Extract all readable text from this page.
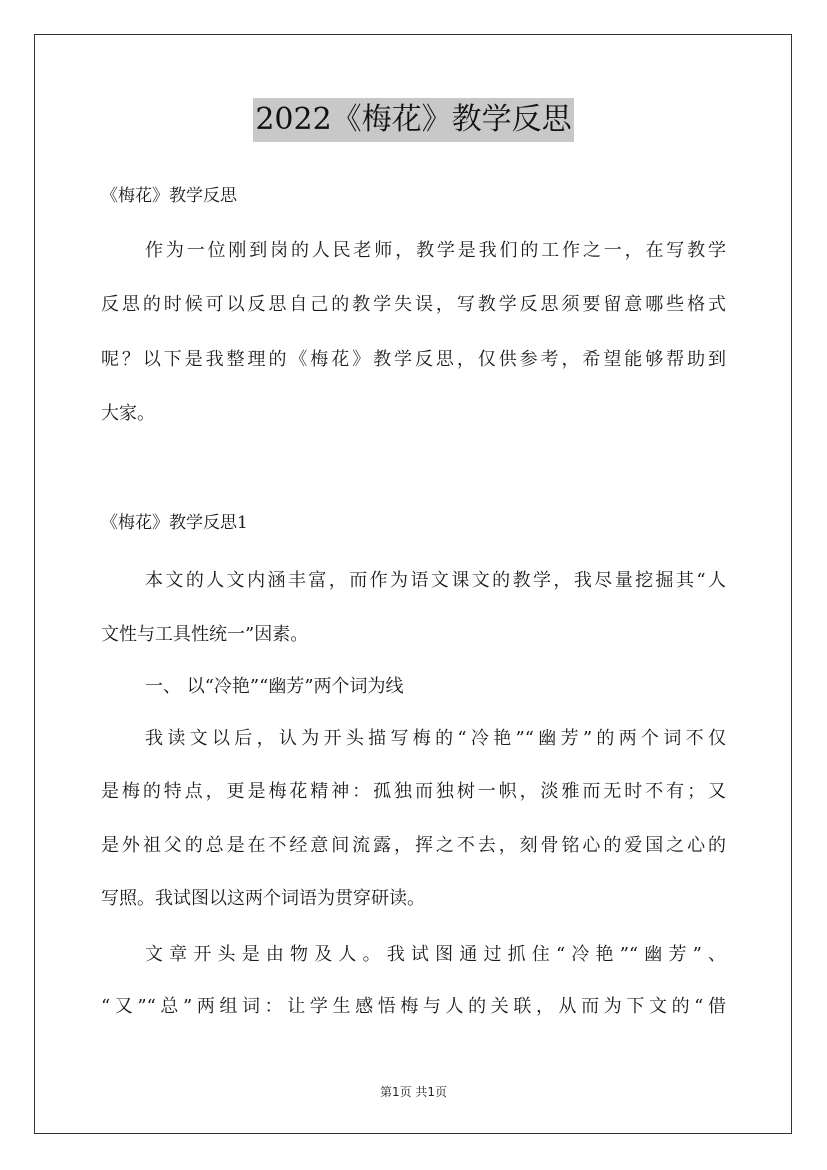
2022《梅花》教学反思
《梅花》教学反思
作为一位刚到岗的人民老师，教学是我们的工作之一，在写教学
反思的时候可以反思自己的教学失误，写教学反思须要留意哪些格式
呢？以下是我整理的《梅花》教学反思，仅供参考，希望能够帮助到
大家。
《梅花》教学反思1
本文的人文内涵丰富，而作为语文课文的教学，我尽量挖掘其“人
文性与工具性统一”因素。
一、 以“冷艳”“幽芳”两个词为线
我读文以后，认为开头描写梅的“冷艳”“幽芳”的两个词不仅
是梅的特点，更是梅花精神：孤独而独树一帜，淡雅而无时不有；又
是外祖父的总是在不经意间流露，挥之不去，刻骨铭心的爱国之心的
写照。我试图以这两个词语为贯穿研读。
文章开头是由物及人。我试图通过抓住“冷艳”“幽芳”、
“又”“总”两组词：让学生感悟梅与人的关联，从而为下文的“借
第1页 共1页
